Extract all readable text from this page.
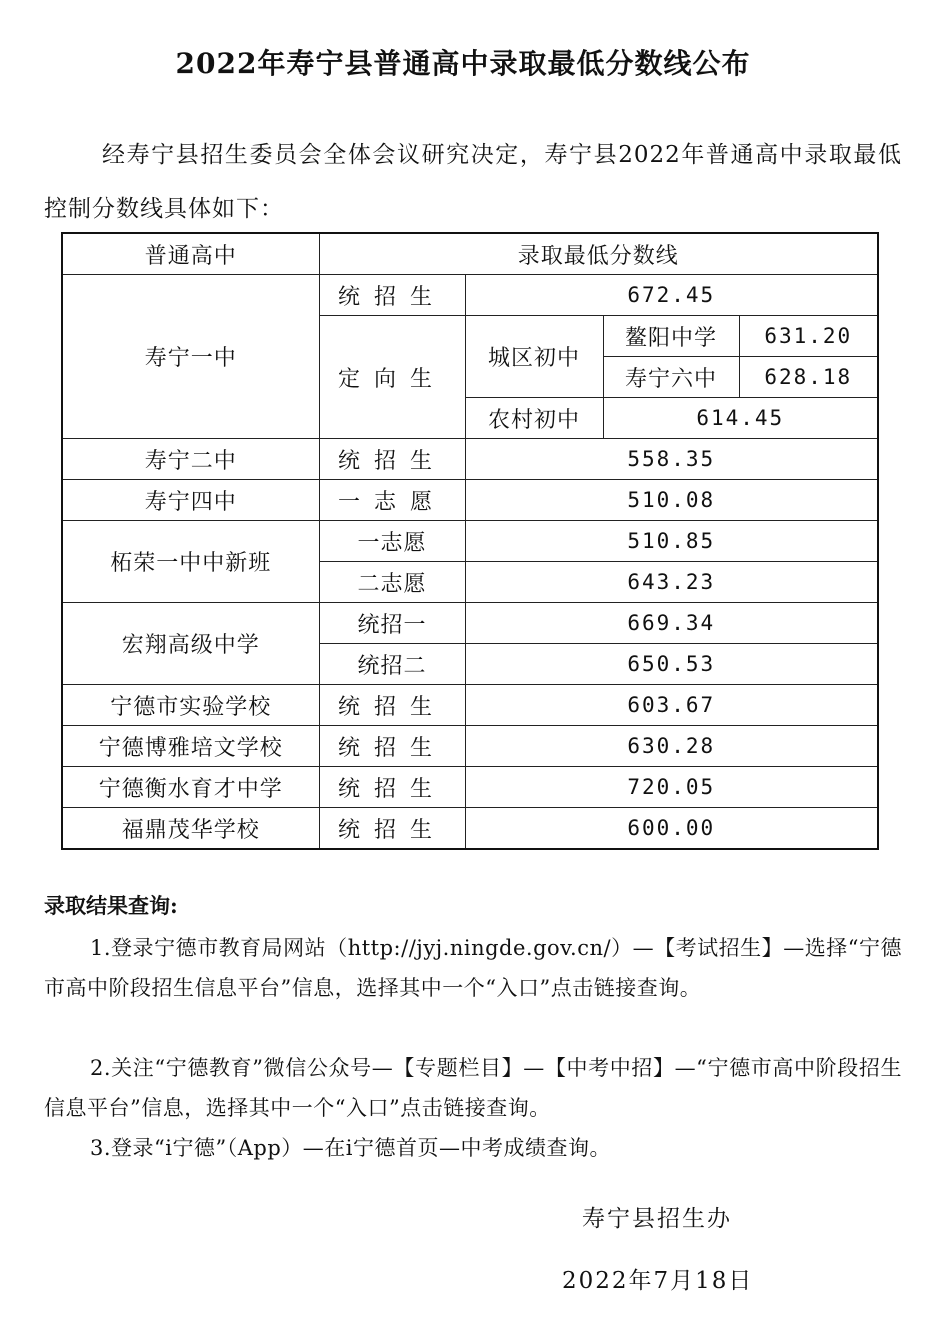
2022年寿宁县普通高中录取最低分数线公布
经寿宁县招生委员会全体会议研究决定，寿宁县2022年普通高中录取最低控制分数线具体如下：
普通高中	录取最低分数线			
寿宁一中	统招生	672.45		
	定向生	城区初中	鳌阳中学	631.20
			寿宁六中	628.18
		农村初中	614.45	
寿宁二中	统招生	558.35		
寿宁四中	一志愿	510.08		
柘荣一中中新班	一志愿	510.85		
	二志愿	643.23		
宏翔高级中学	统招一	669.34		
	统招二	650.53		
宁德市实验学校	统招生	603.67		
宁德博雅培文学校	统招生	630.28		
宁德衡水育才中学	统招生	720.05		
福鼎茂华学校	统招生	600.00		
录取结果查询:
1.登录宁德市教育局网站（http://jyj.ningde.gov.cn/）—【考试招生】—选择“宁德市高中阶段招生信息平台”信息，选择其中一个“入口”点击链接查询。
2.关注“宁德教育”微信公众号—【专题栏目】—【中考中招】—“宁德市高中阶段招生信息平台”信息，选择其中一个“入口”点击链接查询。
3.登录“i宁德”（App）—在i宁德首页—中考成绩查询。
寿宁县招生办
2022年7月18日
